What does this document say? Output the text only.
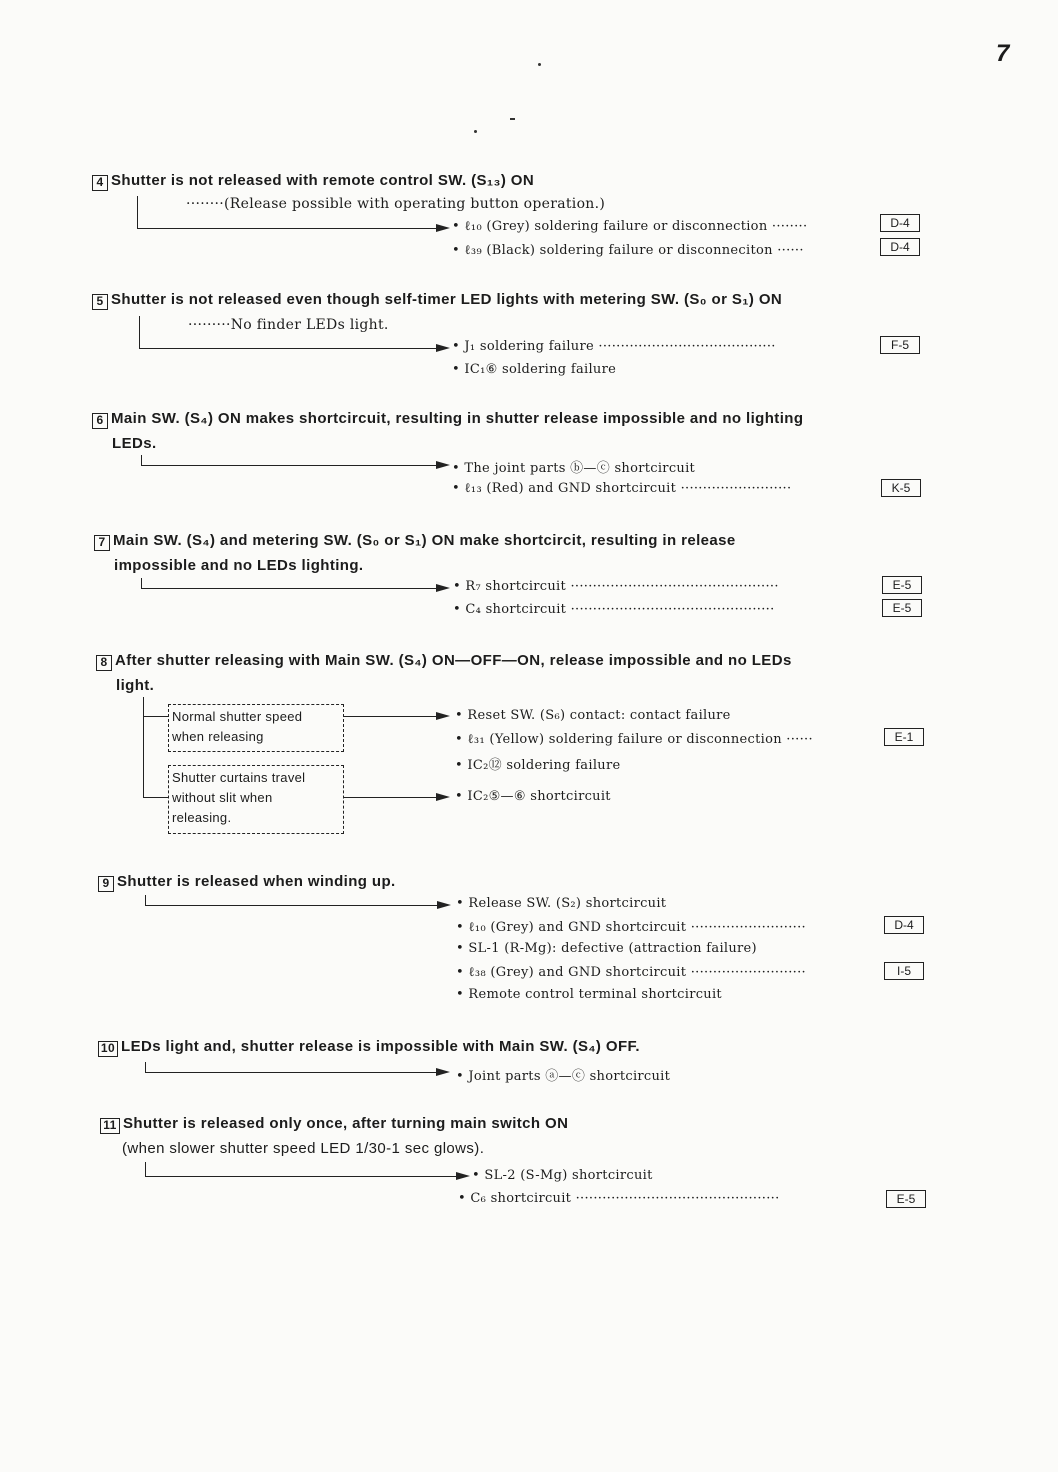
7
4 Shutter is not released with remote control SW. (S₁₃) ON
········(Release possible with operating button operation.)
• ℓ₁₀ (Grey) soldering failure or disconnection ········	D-4
• ℓ₃₉ (Black) soldering failure or disconneciton ······	D-4
5 Shutter is not released even though self-timer LED lights with metering SW. (S₀ or S₁) ON
·········No finder LEDs light.
• J₁ soldering failure ········································	F-5
• IC₁⑥ soldering failure
6 Main SW. (S₄) ON makes shortcircuit, resulting in shutter release impossible and no lighting
LEDs.
• The joint parts ⓑ—ⓒ shortcircuit
• ℓ₁₃ (Red) and GND shortcircuit ·························	K-5
7 Main SW. (S₄) and metering SW. (S₀ or S₁) ON make shortcircit, resulting in release
impossible and no LEDs lighting.
• R₇ shortcircuit ···············································	E-5
• C₄ shortcircuit ··············································	E-5
8 After shutter releasing with Main SW. (S₄) ON—OFF—ON, release impossible and no LEDs
light.
Normal shutter speed
when releasing
Shutter curtains travel
without slit when
releasing.
• Reset SW. (S₆) contact: contact failure
• ℓ₃₁ (Yellow) soldering failure or disconnection ······	E-1
• IC₂⑫ soldering failure
• IC₂⑤—⑥ shortcircuit
9 Shutter is released when winding up.
• Release SW. (S₂) shortcircuit
• ℓ₁₀ (Grey) and GND shortcircuit ··························	D-4
• SL-1 (R-Mg): defective (attraction failure)
• ℓ₃₈ (Grey) and GND shortcircuit ··························	I-5
• Remote control terminal shortcircuit
10 LEDs light and, shutter release is impossible with Main SW. (S₄) OFF.
• Joint parts ⓐ—ⓒ shortcircuit
11 Shutter is released only once, after turning main switch ON
(when slower shutter speed LED 1/30-1 sec glows).
• SL-2 (S-Mg) shortcircuit
• C₆ shortcircuit ··············································	E-5
